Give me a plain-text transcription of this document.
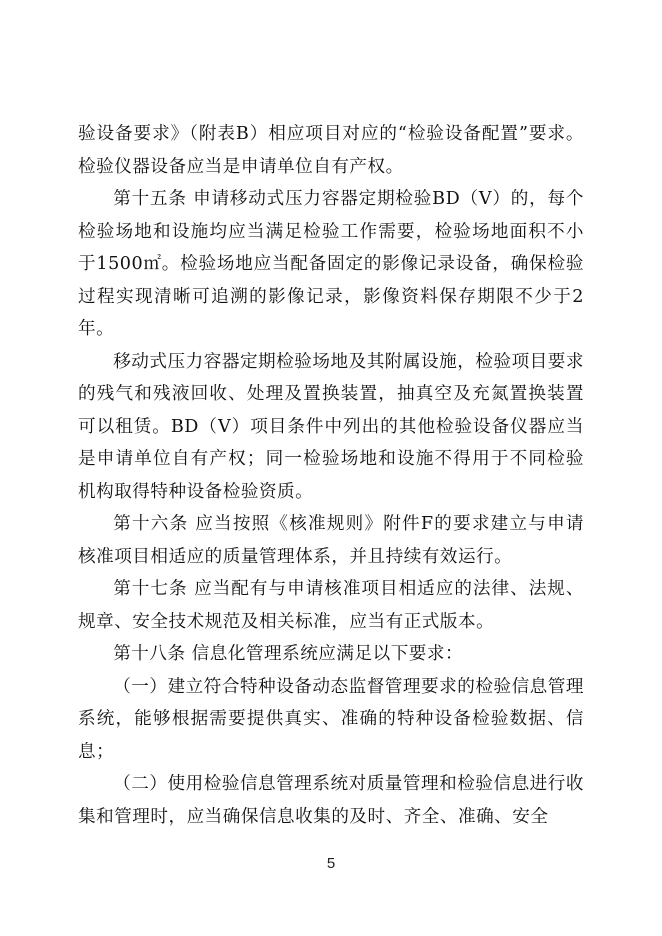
验设备要求》（附表B）相应项目对应的“检验设备配置”要求。检验仪器设备应当是申请单位自有产权。

第十五条 申请移动式压力容器定期检验BD（Ⅴ）的，每个检验场地和设施均应当满足检验工作需要，检验场地面积不小于1500㎡。检验场地应当配备固定的影像记录设备，确保检验过程实现清晰可追溯的影像记录，影像资料保存期限不少于2 年。

移动式压力容器定期检验场地及其附属设施，检验项目要求的残气和残液回收、处理及置换装置，抽真空及充氮置换装置可以租赁。BD（Ⅴ）项目条件中列出的其他检验设备仪器应当是申请单位自有产权；同一检验场地和设施不得用于不同检验机构取得特种设备检验资质。

第十六条 应当按照《核准规则》附件F的要求建立与申请核准项目相适应的质量管理体系，并且持续有效运行。

第十七条 应当配有与申请核准项目相适应的法律、法规、规章、安全技术规范及相关标准，应当有正式版本。

第十八条 信息化管理系统应满足以下要求：

（一）建立符合特种设备动态监督管理要求的检验信息管理系统，能够根据需要提供真实、准确的特种设备检验数据、信息；

（二）使用检验信息管理系统对质量管理和检验信息进行收集和管理时，应当确保信息收集的及时、齐全、准确、安全

5
